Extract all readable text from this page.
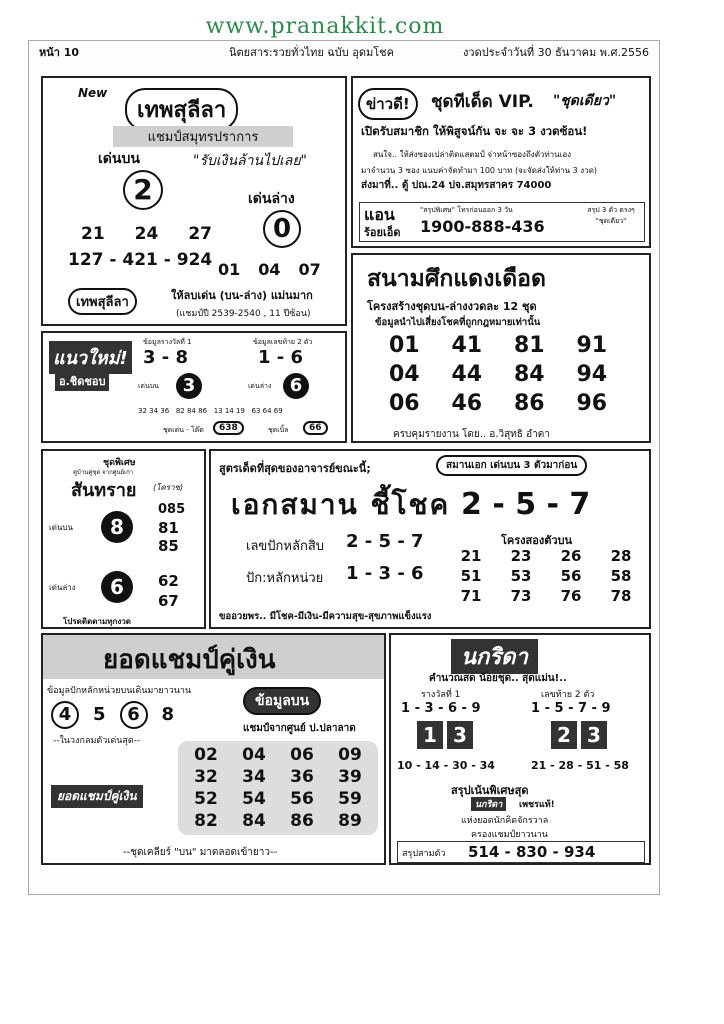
www.pranakkit.com
หน้า 10	นิตยสาร:รวยทั่วไทย ฉบับ อุดมโชค	งวดประจำวันที่ 30 ธันวาคม พ.ศ.2556
New
เทพสุลีลา
แชมป์สมุทรปราการ
เด่นบน	"รับเงินล้านไปเลย"
2	เด่นล่าง
0
21 24 27
127 - 421 - 924 01 04 07
เทพสุลีลา	ให้ลบเด่น (บน-ล่าง) แม่นมาก
(แชมป์ปี 2539-2540 , 11 ปีซ้อน)
ข่าวดี!	ชุดทีเด็ด VIP. "ชุดเดียว"
เปิดรับสมาชิก ให้พิสูจน์กัน จะ จะ 3 งวดซ้อน!
สนใจ.. ให้ส่งซองเปล่าติดแสตมป์ จ่าหน้าซองถึงตัวท่านเอง
มาจำนวน 3 ซอง แนบค่าจัดทำมา 100 บาท (จะจัดส่งให้ท่าน 3 งวด)
ส่งมาที่.. ตู้ ปณ.24 ปจ.สมุทรสาคร 74000
แอน
ร้อยเอ็ด
"สรุปพิเศษ" โทรก่อนออก 3 วัน
1900-888-436
สรุป 3 ตัว ตรงๆ "ชุดเดียว"
สนามศึกแดงเดือด
โครงสร้างชุดบน-ล่างงวดละ 12 ชุด
ข้อมูลนำไปเสี่ยงโชคที่ถูกกฎหมายเท่านั้น
01	41	81	91
04	44	84	94
06	46	86	96
ครบคุมรายงาน โดย.. อ.วิสุทธิ อำตา
แนวใหม่!
อ.ชิดชอบ
ข้อมูลรางวัลที่ 1
3 - 8
ข้อมูลเลขท้าย 2 ตัว
1 - 6
เด่นบน	3	เด่นล่าง	6
32 34 36   82 84 86   13 14 19   63 64 69
ชุดเด่น - โต๊ด	638	ชุดเบิ้ล	66
ชุดพิเศษ
คู่บ้านคู่ชุด จากศูนย์เก่า
สันทราย (โคราช)
เด่นบน	8
085
81
85
เด่นล่าง	6	62
67
โปรดติดตามทุกงวด
สูตรเด็ดที่สุดของอาจารย์ขณะนี้;	สมานเอก เด่นบน 3 ตัวมาก่อน
เอกสมาน ชี้โชค 2 - 5 - 7
เลขปักหลักสิบ 2 - 5 - 7
ปัก:หลักหน่วย 1 - 3 - 6
โครงสองตัวบน
21	23	26	28
51	53	56	58
71	73	76	78
ขออวยพร.. มีโชค-มีเงิน-มีความสุข-สุขภาพแข็งแรง
ยอดแชมป์คู่เงิน
ข้อมูลปักหลักหน่วยบนเดินมายาวนาน
ข้อมูลบน
4	5	6	8
--ในวงกลมตัวเด่นสุด--
แชมป์จากศูนย์ ป.ปลาลาด
ยอดแชมป์คู่เงิน
02	04	06	09
32	34	36	39
52	54	56	59
82	84	86	89
--ชุดเคลียร์ "บน" มาตลอดเข้ายาว--
นกริดา
คำนวณสด น้อยชุด.. สุดแม่น!..
รางวัลที่ 1	เลขท้าย 2 ตัว
1 - 3 - 6 - 9	1 - 5 - 7 - 9
1 3	2 3
10 - 14 - 30 - 34	21 - 28 - 51 - 58
สรุปเน้นพิเศษสุด
นกริดา	เพชรแท้!
แห่งยอดนักคิดจักรวาล
ครองแชมป์ยาวนาน
สรุปสามตัว 514 - 830 - 934
